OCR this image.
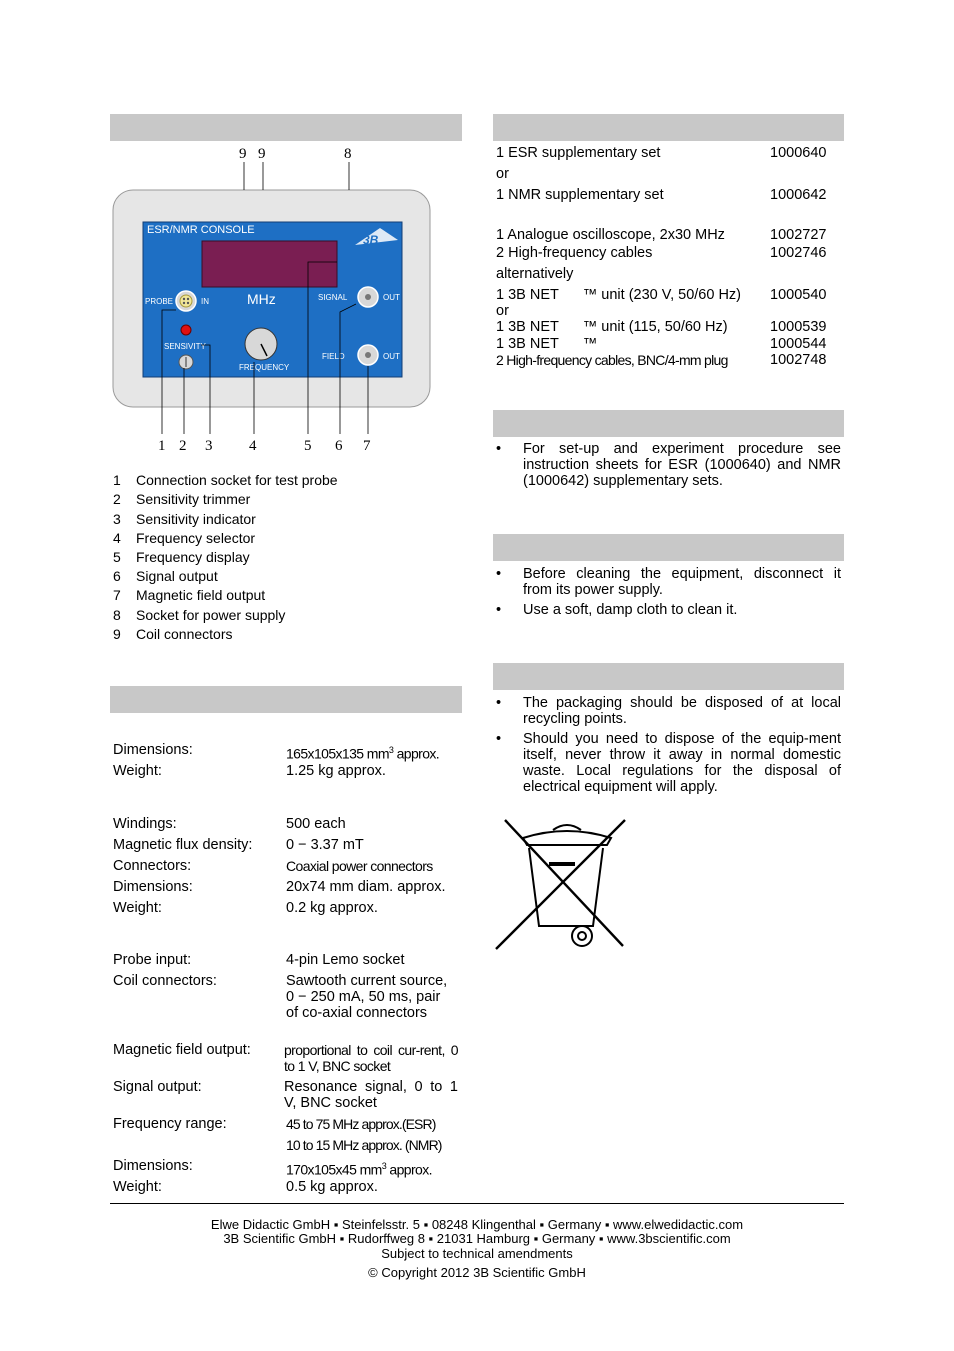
ESR/NMR CONSOLE
3B
MHz
PROBE	IN
SENSIVITY
FREQUENCY
SIGNAL	OUT
FIELD	OUT
9 9	8
1 2 3 4	5 6 7
1 Connection socket for test probe
2 Sensitivity trimmer
3 Sensitivity indicator
4 Frequency selector
5 Frequency display
6 Signal output
7 Magnetic field output
8 Socket for power supply
9 Coil connectors
Dimensions:	165x105x135 $mm^3$ approx.
Weight:	1.25 kg approx.
Windings:	500 each
Magnetic flux density: 0 − 3.37 mT
Connectors:	Coaxial power connectors
Dimensions:	20x74 mm diam. approx.
Weight:	0.2 kg approx.
Probe input:	4-pin Lemo socket
Coil connectors:	Sawtooth current source, 0 − 250 mA, 50 ms, pair of co-axial connectors
Magnetic field output: proportional to coil cur-rent, 0 to 1 V, BNC socket
Signal output:	Resonance signal, 0 to 1 V, BNC socket
Frequency range:	45 to 75 MHz approx.(ESR)
10 to 15 MHz approx. (NMR)
Dimensions:	170x105x45 $mm^3$ approx.
Weight:	0.5 kg approx.
1 ESR supplementary set	1000640
or
1 NMR supplementary set	1000642
1 Analogue oscilloscope, 2x30 MHz	1002727
2 High-frequency cables	1002746
alternatively
1 3B NET      ™ unit (230 V, 50/60 Hz) 1000540
or
1 3B NET      ™ unit (115, 50/60 Hz)	1000539
1 3B NET      ™	1000544
2 High-frequency cables, BNC/4-mm plug	1002748
• For set-up and experiment procedure see instruction sheets for ESR (1000640) and NMR (1000642) supplementary sets.
• Before cleaning the equipment, disconnect it from its power supply.
• Use a soft, damp cloth to clean it.
• The packaging should be disposed of at local recycling points.
• Should you need to dispose of the equip-ment itself, never throw it away in normal domestic waste. Local regulations for the disposal of electrical equipment will apply.
Elwe Didactic GmbH ▪ Steinfelsstr. 5 ▪ 08248 Klingenthal ▪ Germany ▪ www.elwedidactic.com
3B Scientific GmbH ▪ Rudorffweg 8 ▪ 21031 Hamburg ▪ Germany ▪ www.3bscientific.com
Subject to technical amendments
© Copyright 2012 3B Scientific GmbH
